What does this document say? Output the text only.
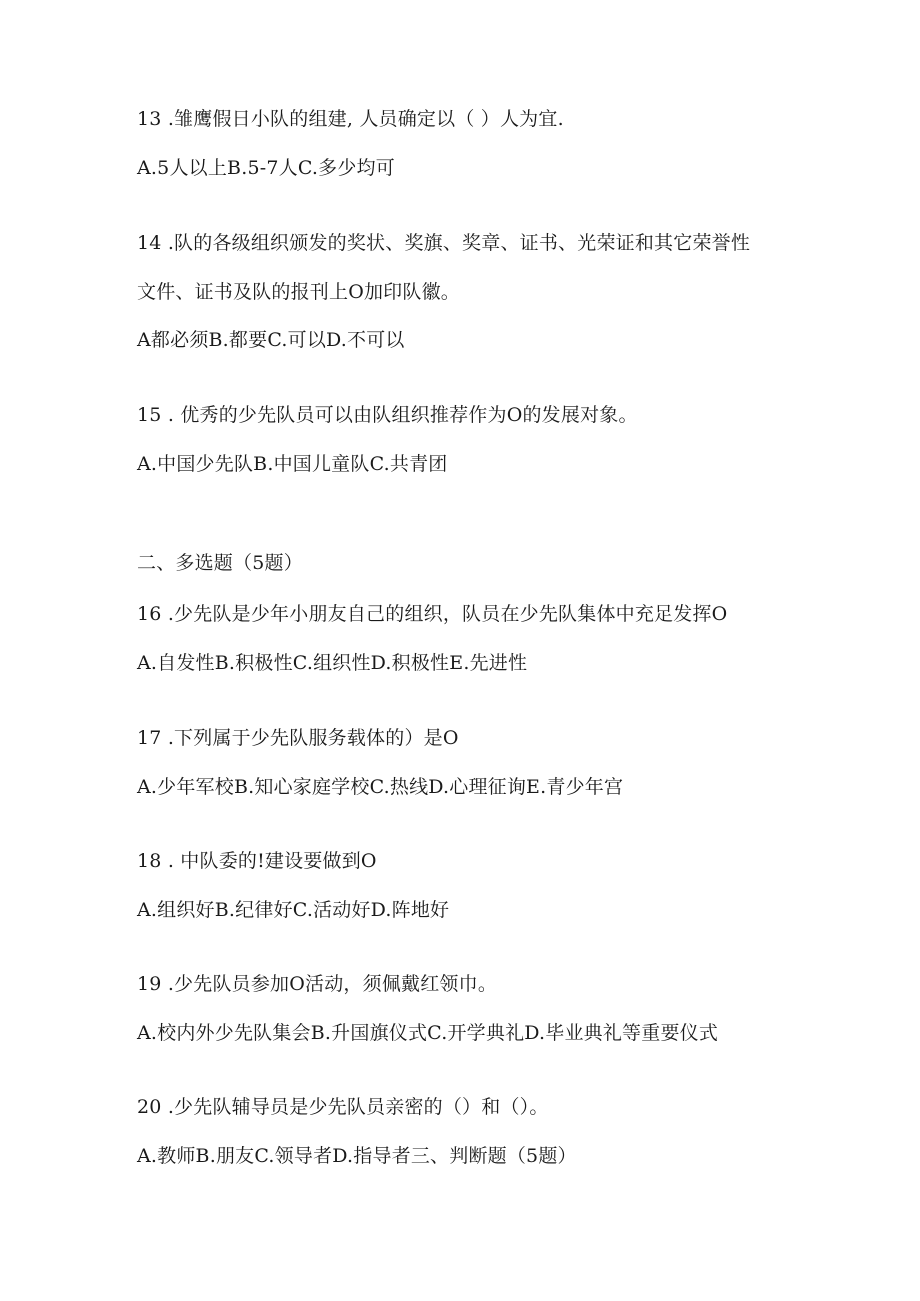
13 .雏鹰假日小队的组建, 人员确定以（ ）人为宜.
A.5人以上B.5-7人C.多少均可
14 .队的各级组织颁发的奖状、奖旗、奖章、证书、光荣证和其它荣誉性
文件、证书及队的报刊上O加印队徽。
A都必须B.都要C.可以D.不可以
15 . 优秀的少先队员可以由队组织推荐作为O的发展对象。
A.中国少先队B.中国儿童队C.共青团
二、多选题（5题）
16 .少先队是少年小朋友自己的组织，队员在少先队集体中充足发挥O
A.自发性B.积极性C.组织性D.积极性E.先进性
17 .下列属于少先队服务载体的）是O
A.少年军校B.知心家庭学校C.热线D.心理征询E.青少年宫
18 . 中队委的!建设要做到O
A.组织好B.纪律好C.活动好D.阵地好
19 .少先队员参加O活动，须佩戴红领巾。
A.校内外少先队集会B.升国旗仪式C.开学典礼D.毕业典礼等重要仪式
20 .少先队辅导员是少先队员亲密的（）和（）。
A.教师B.朋友C.领导者D.指导者三、判断题（5题）
